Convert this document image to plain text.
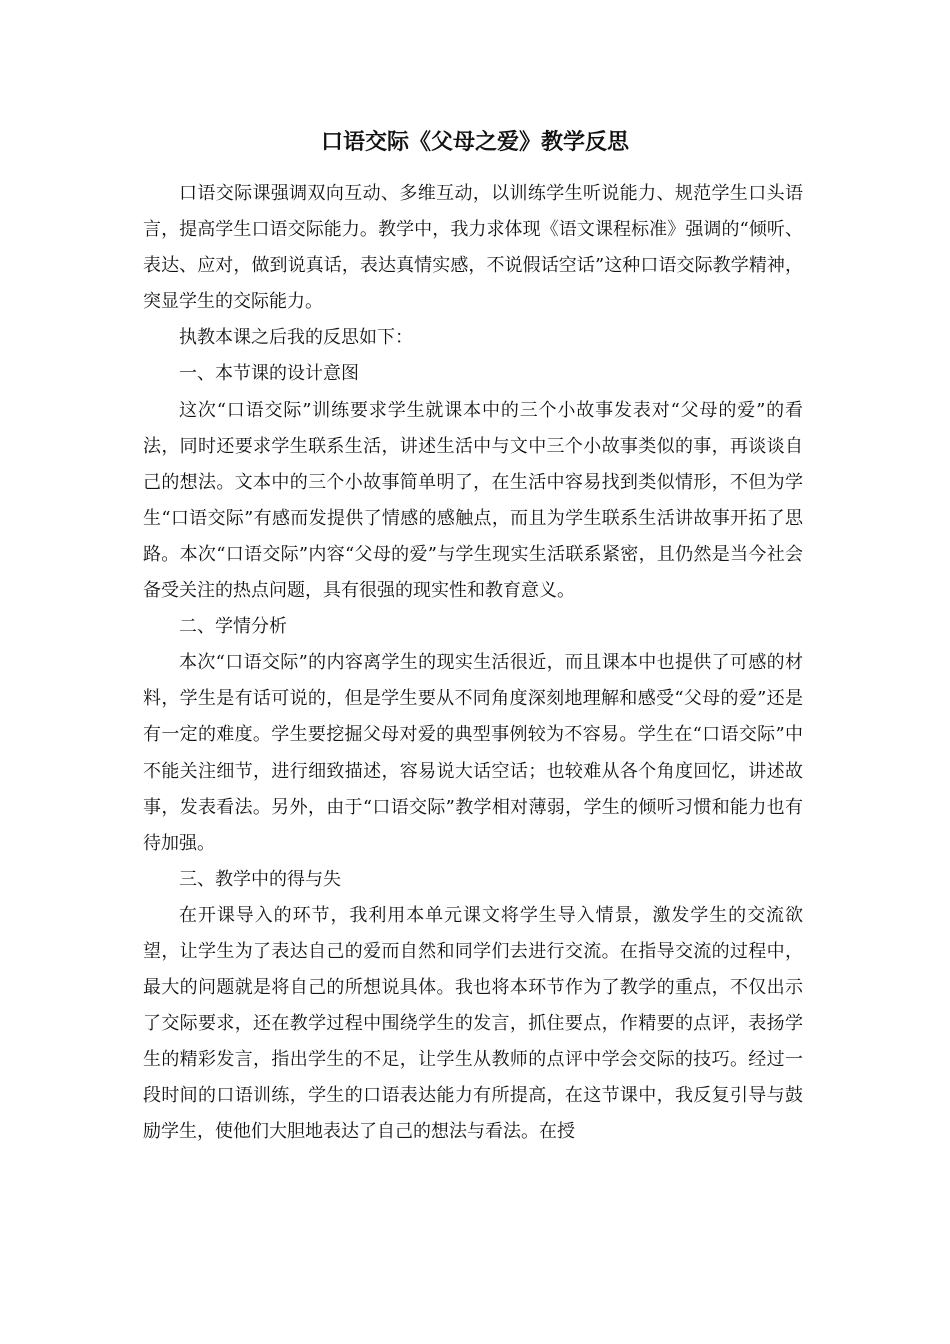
口语交际《父母之爱》教学反思

口语交际课强调双向互动、多维互动，以训练学生听说能力、规范学生口头语言，提高学生口语交际能力。教学中，我力求体现《语文课程标准》强调的“倾听、表达、应对，做到说真话，表达真情实感，不说假话空话”这种口语交际教学精神，突显学生的交际能力。

执教本课之后我的反思如下：

一、本节课的设计意图

这次“口语交际”训练要求学生就课本中的三个小故事发表对“父母的爱”的看法，同时还要求学生联系生活，讲述生活中与文中三个小故事类似的事，再谈谈自己的想法。文本中的三个小故事简单明了，在生活中容易找到类似情形，不但为学生“口语交际”有感而发提供了情感的感触点，而且为学生联系生活讲故事开拓了思路。本次“口语交际”内容“父母的爱”与学生现实生活联系紧密，且仍然是当今社会备受关注的热点问题，具有很强的现实性和教育意义。

二、学情分析

本次“口语交际”的内容离学生的现实生活很近，而且课本中也提供了可感的材料，学生是有话可说的，但是学生要从不同角度深刻地理解和感受“父母的爱”还是有一定的难度。学生要挖掘父母对爱的典型事例较为不容易。学生在“口语交际”中不能关注细节，进行细致描述，容易说大话空话；也较难从各个角度回忆，讲述故事，发表看法。另外，由于“口语交际”教学相对薄弱，学生的倾听习惯和能力也有待加强。

三、教学中的得与失

在开课导入的环节，我利用本单元课文将学生导入情景，激发学生的交流欲望，让学生为了表达自己的爱而自然和同学们去进行交流。在指导交流的过程中，最大的问题就是将自己的所想说具体。我也将本环节作为了教学的重点，不仅出示了交际要求，还在教学过程中围绕学生的发言，抓住要点，作精要的点评，表扬学生的精彩发言，指出学生的不足，让学生从教师的点评中学会交际的技巧。经过一段时间的口语训练，学生的口语表达能力有所提高，在这节课中，我反复引导与鼓励学生，使他们大胆地表达了自己的想法与看法。在授
